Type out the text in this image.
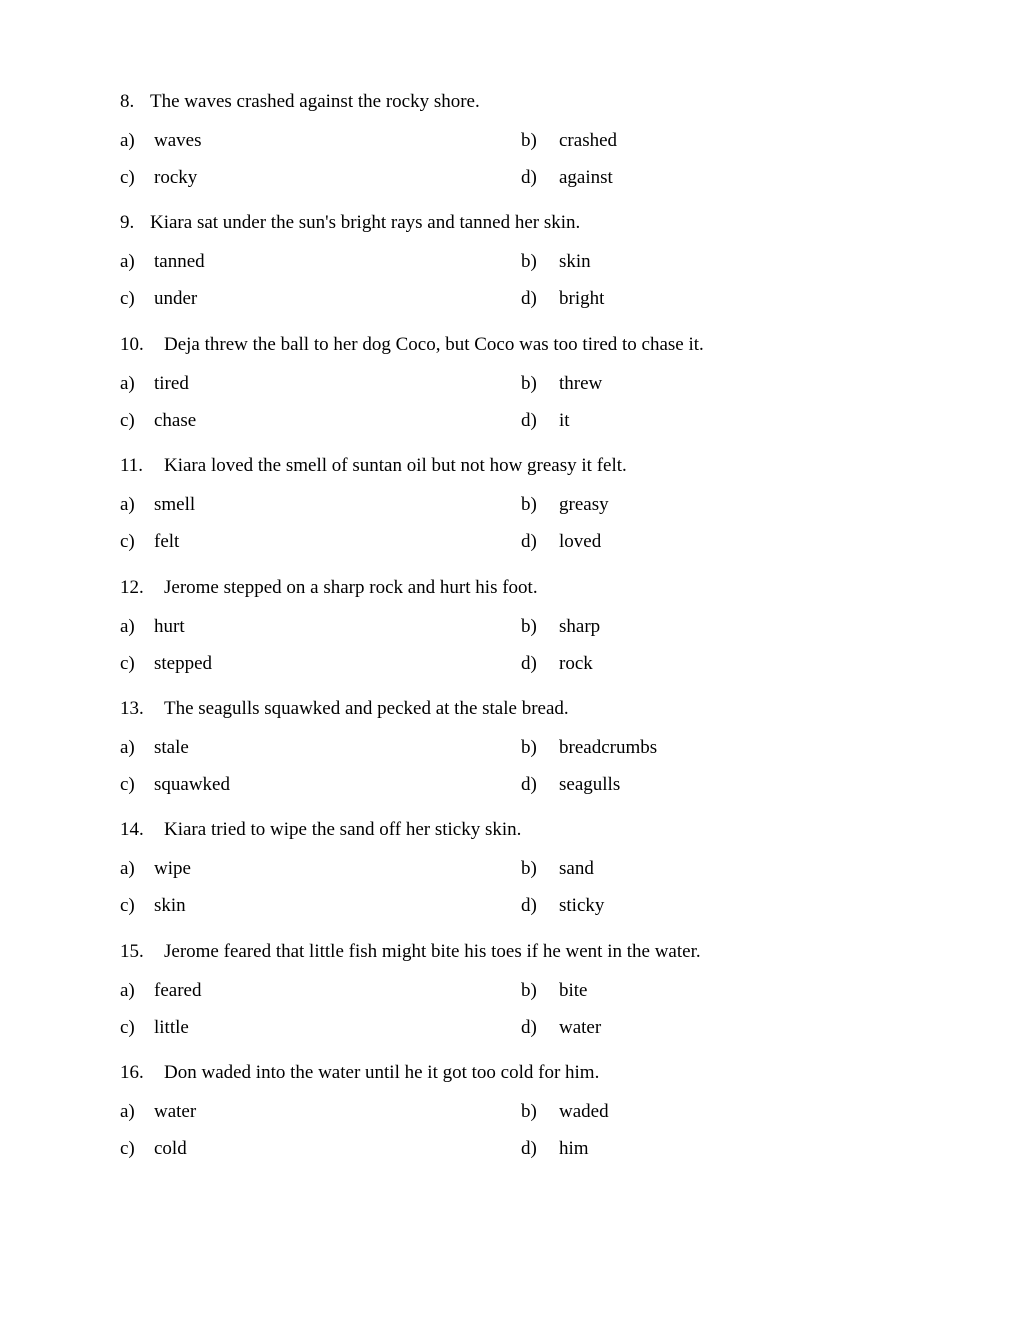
8. The waves crashed against the rocky shore.
a) waves	b) crashed
c) rocky	d) against
9. Kiara sat under the sun's bright rays and tanned her skin.
a) tanned	b) skin
c) under	d) bright
10. Deja threw the ball to her dog Coco, but Coco was too tired to chase it.
a) tired	b) threw
c) chase	d) it
11. Kiara loved the smell of suntan oil but not how greasy it felt.
a) smell	b) greasy
c) felt	d) loved
12. Jerome stepped on a sharp rock and hurt his foot.
a) hurt	b) sharp
c) stepped	d) rock
13. The seagulls squawked and pecked at the stale bread.
a) stale	b) breadcrumbs
c) squawked	d) seagulls
14. Kiara tried to wipe the sand off her sticky skin.
a) wipe	b) sand
c) skin	d) sticky
15. Jerome feared that little fish might bite his toes if he went in the water.
a) feared	b) bite
c) little	d) water
16. Don waded into the water until he it got too cold for him.
a) water	b) waded
c) cold	d) him
